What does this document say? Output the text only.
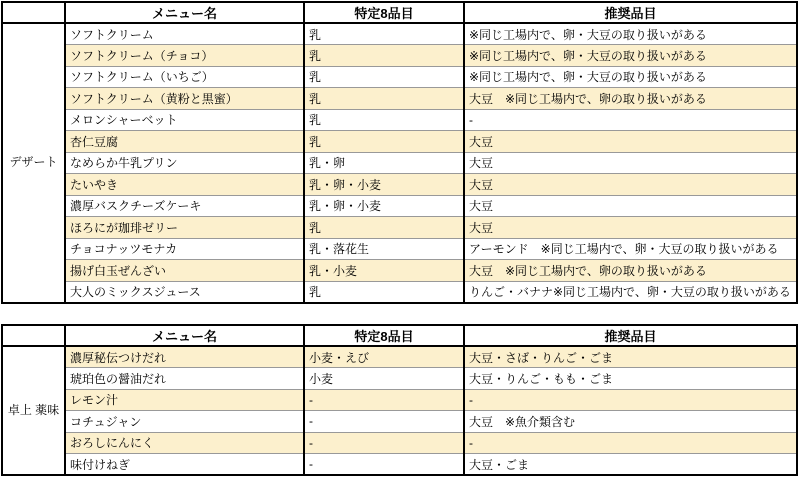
	メニュー名	特定8品目	推奨品目
デザート	ソフトクリーム	乳	※同じ工場内で、卵・大豆の取り扱いがある
	ソフトクリーム（チョコ）	乳	※同じ工場内で、卵・大豆の取り扱いがある
	ソフトクリーム（いちご）	乳	※同じ工場内で、卵・大豆の取り扱いがある
	ソフトクリーム（黄粉と黒蜜）	乳	大豆　※同じ工場内で、卵の取り扱いがある
	メロンシャーベット	乳	-
	杏仁豆腐	乳	大豆
	なめらか牛乳プリン	乳・卵	大豆
	たいやき	乳・卵・小麦	大豆
	濃厚バスクチーズケーキ	乳・卵・小麦	大豆
	ほろにが珈琲ゼリー	乳	大豆
	チョコナッツモナカ	乳・落花生	アーモンド　※同じ工場内で、卵・大豆の取り扱いがある
	揚げ白玉ぜんざい	乳・小麦	大豆　※同じ工場内で、卵の取り扱いがある
	大人のミックスジュース	乳	りんご・バナナ※同じ工場内で、卵・大豆の取り扱いがある
	メニュー名	特定8品目	推奨品目
卓上 薬味	濃厚秘伝つけだれ	小麦・えび	大豆・さば・りんご・ごま
	琥珀色の醤油だれ	小麦	大豆・りんご・もも・ごま
	レモン汁	-	-
	コチュジャン	-	大豆　※魚介類含む
	おろしにんにく	-	-
	味付けねぎ	-	大豆・ごま
